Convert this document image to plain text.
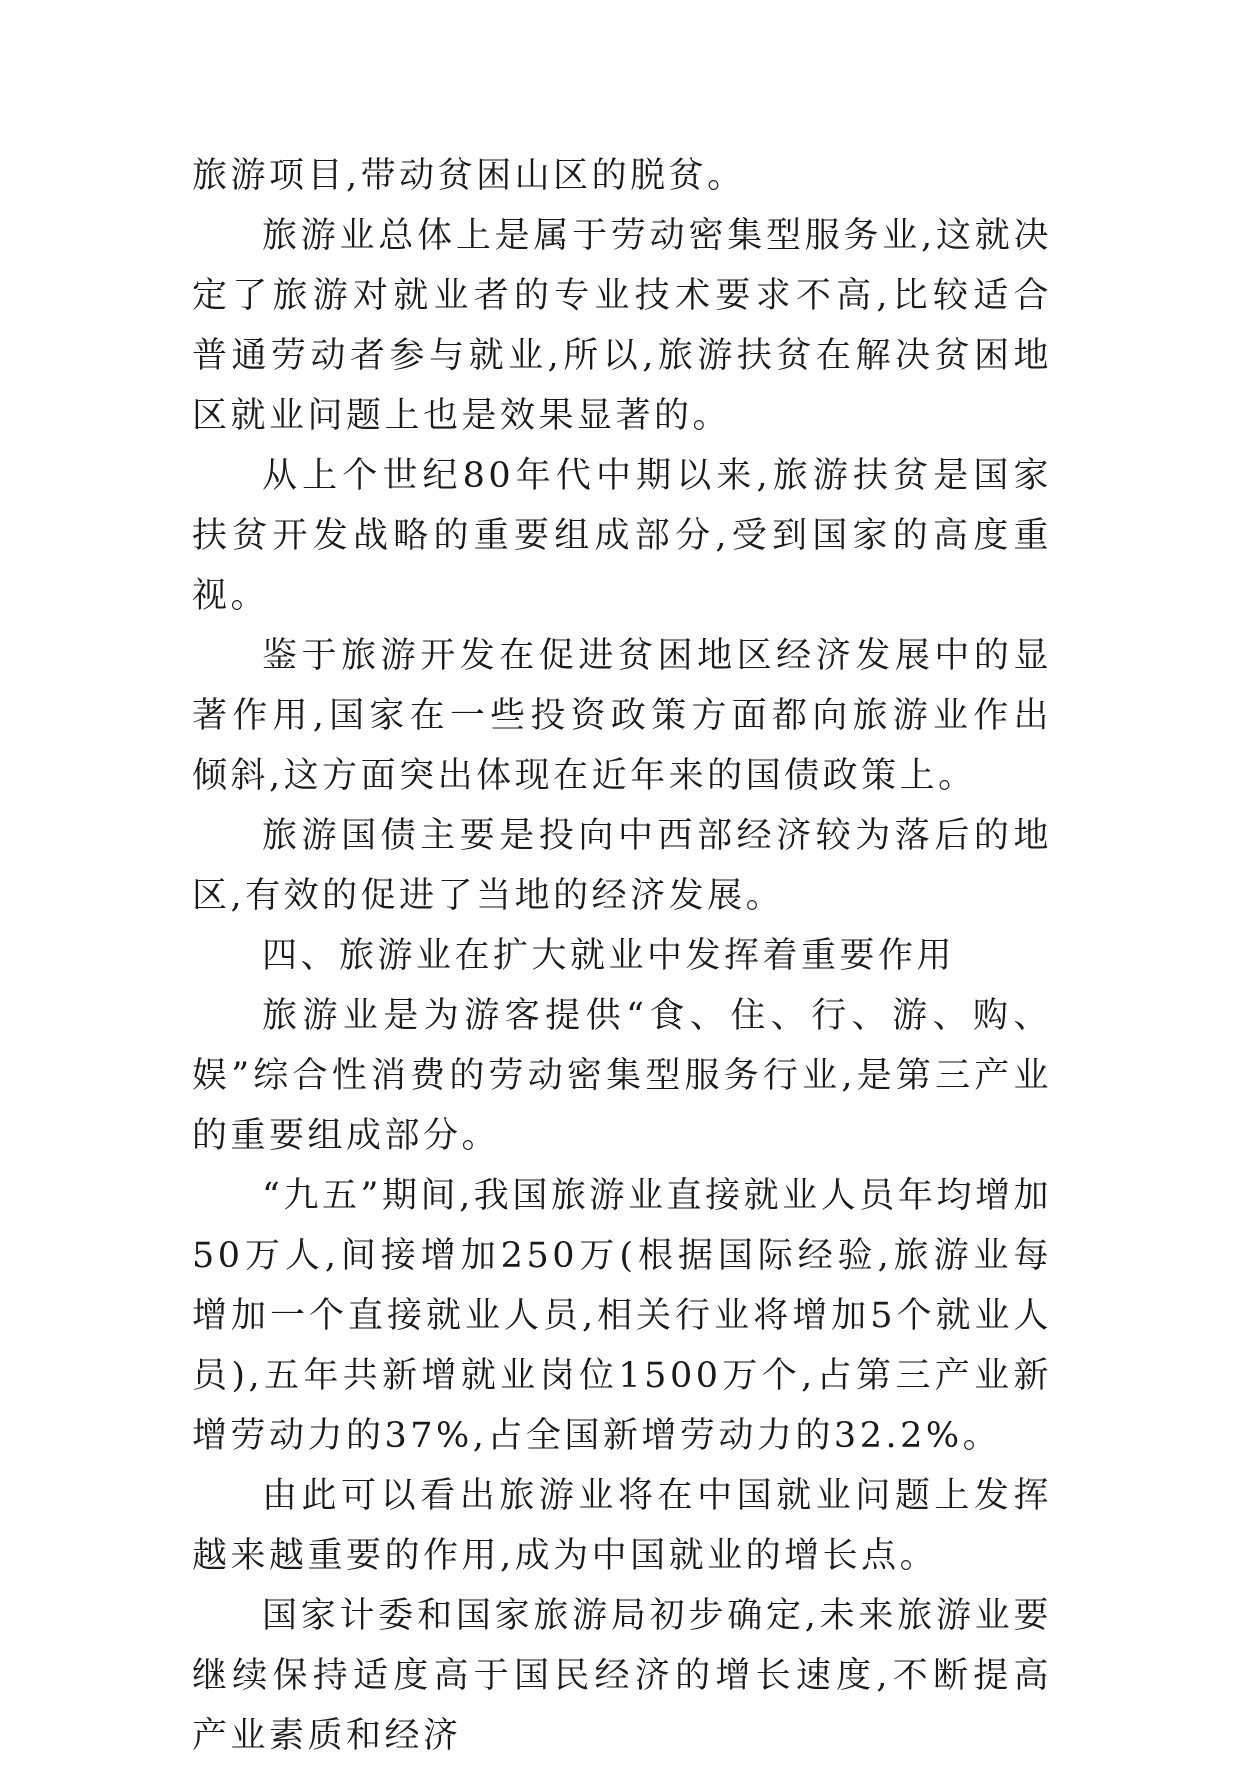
旅游项目,带动贫困山区的脱贫。

旅游业总体上是属于劳动密集型服务业,这就决定了旅游对就业者的专业技术要求不高,比较适合普通劳动者参与就业,所以,旅游扶贫在解决贫困地区就业问题上也是效果显著的。

从上个世纪80年代中期以来,旅游扶贫是国家扶贫开发战略的重要组成部分,受到国家的高度重视。

鉴于旅游开发在促进贫困地区经济发展中的显著作用,国家在一些投资政策方面都向旅游业作出倾斜,这方面突出体现在近年来的国债政策上。

旅游国债主要是投向中西部经济较为落后的地区,有效的促进了当地的经济发展。

四、旅游业在扩大就业中发挥着重要作用

旅游业是为游客提供“食、住、行、游、购、娱”综合性消费的劳动密集型服务行业,是第三产业的重要组成部分。

“九五”期间,我国旅游业直接就业人员年均增加50万人,间接增加250万(根据国际经验,旅游业每增加一个直接就业人员,相关行业将增加5个就业人员),五年共新增就业岗位1500万个,占第三产业新增劳动力的37%,占全国新增劳动力的32.2%。

由此可以看出旅游业将在中国就业问题上发挥越来越重要的作用,成为中国就业的增长点。

国家计委和国家旅游局初步确定,未来旅游业要继续保持适度高于国民经济的增长速度,不断提高产业素质和经济
